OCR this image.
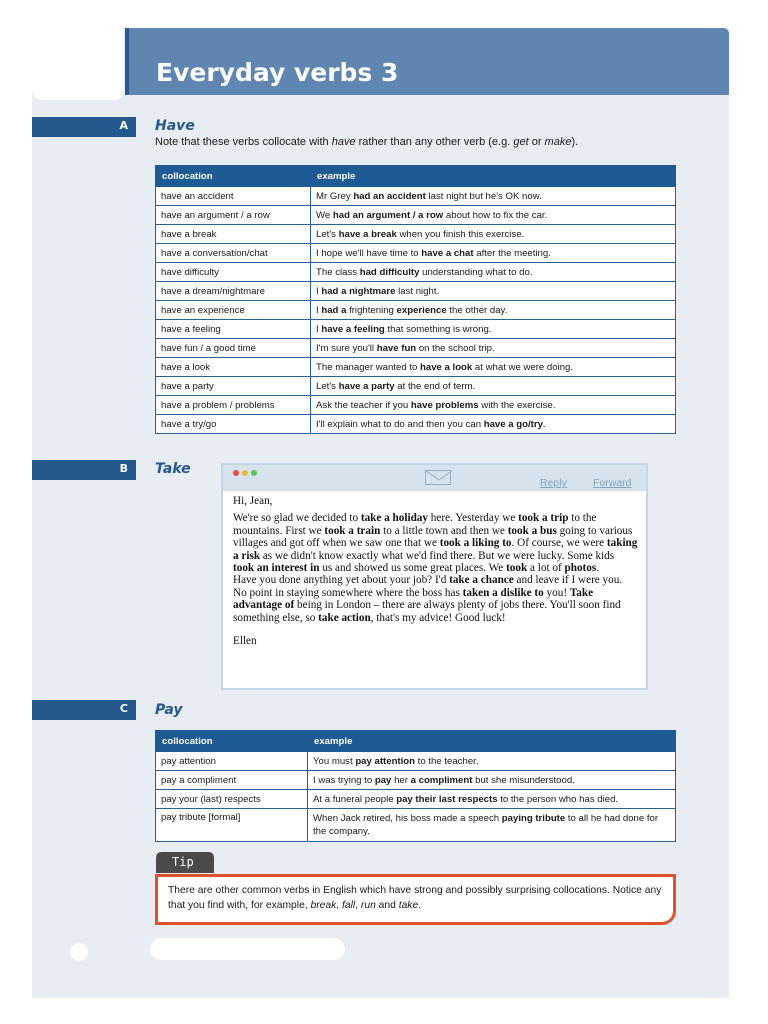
Everyday verbs 3
A Have
Note that these verbs collocate with have rather than any other verb (e.g. get or make).
collocation	example
have an accident	Mr Grey had an accident last night but he's OK now.
have an argument / a row	We had an argument / a row about how to fix the car.
have a break	Let's have a break when you finish this exercise.
have a conversation/chat	I hope we'll have time to have a chat after the meeting.
have difficulty	The class had difficulty understanding what to do.
have a dream/nightmare	I had a nightmare last night.
have an experience	I had a frightening experience the other day.
have a feeling	I have a feeling that something is wrong.
have fun / a good time	I'm sure you'll have fun on the school trip.
have a look	The manager wanted to have a look at what we were doing.
have a party	Let's have a party at the end of term.
have a problem / problems	Ask the teacher if you have problems with the exercise.
have a try/go	I'll explain what to do and then you can have a go/try.
B Take
Reply Forward

Hi, Jean,

We're so glad we decided to take a holiday here. Yesterday we took a trip to the mountains. First we took a train to a little town and then we took a bus going to various villages and got off when we saw one that we took a liking to. Of course, we were taking a risk as we didn't know exactly what we'd find there. But we were lucky. Some kids took an interest in us and showed us some great places. We took a lot of photos.

Have you done anything yet about your job? I'd take a chance and leave if I were you. No point in staying somewhere where the boss has taken a dislike to you! Take advantage of being in London – there are always plenty of jobs there. You'll soon find something else, so take action, that's my advice! Good luck!

Ellen

C Pay
collocation	example
pay attention	You must pay attention to the teacher.
pay a compliment	I was trying to pay her a compliment but she misunderstood.
pay your (last) respects	At a funeral people pay their last respects to the person who has died.
pay tribute [formal]	When Jack retired, his boss made a speech paying tribute to all he had done for the company.
Tip
There are other common verbs in English which have strong and possibly surprising collocations. Notice any that you find with, for example, break, fall, run and take.
